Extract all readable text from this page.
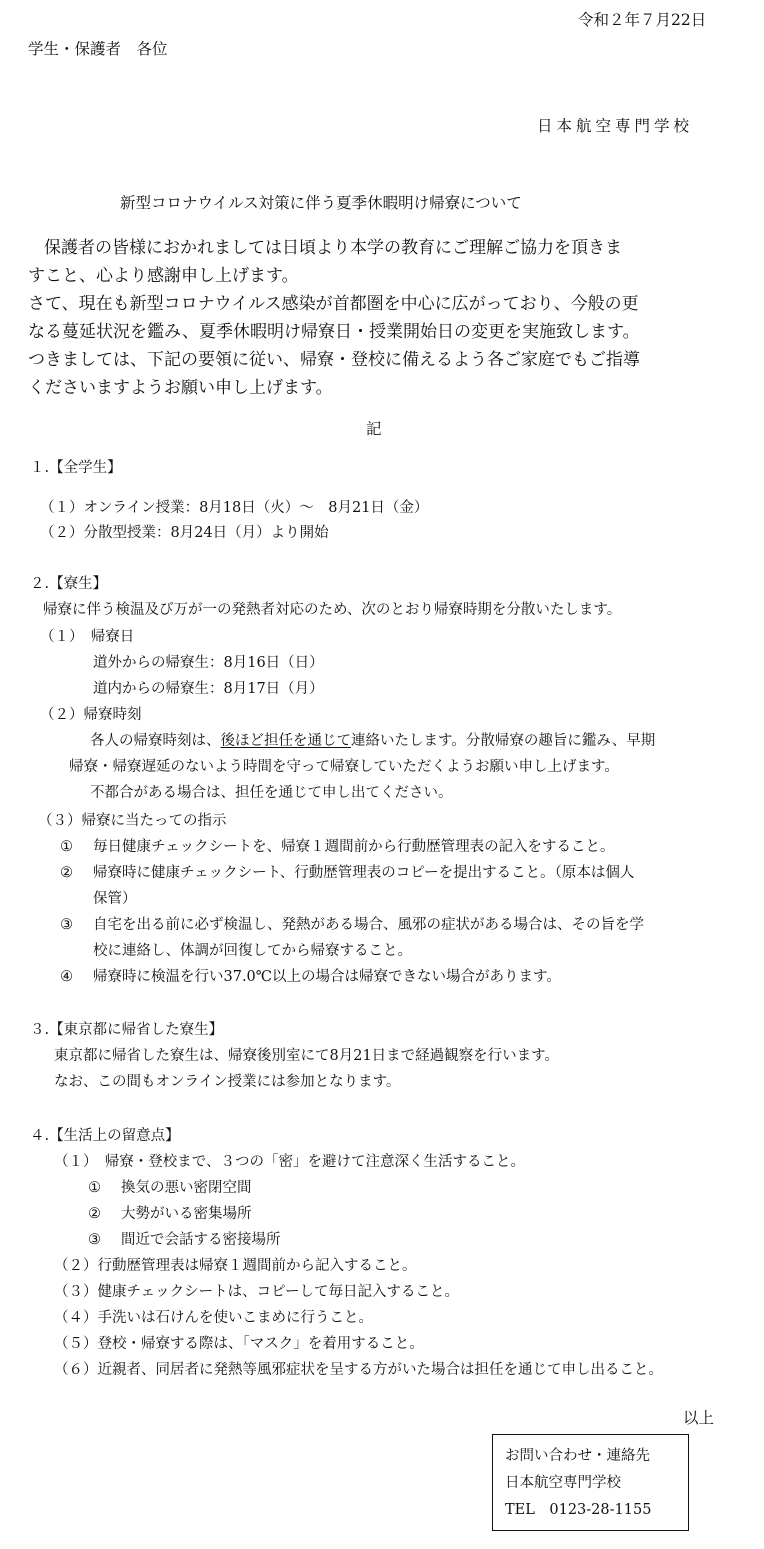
令和２年７月22日
学生・保護者　各位
日本航空専門学校
新型コロナウイルス対策に伴う夏季休暇明け帰寮について
保護者の皆様におかれましては日頃より本学の教育にご理解ご協力を頂きま
すこと、心より感謝申し上げます。
さて、現在も新型コロナウイルス感染が首都圏を中心に広がっており、今般の更
なる蔓延状況を鑑み、夏季休暇明け帰寮日・授業開始日の変更を実施致します。
つきましては、下記の要領に従い、帰寮・登校に備えるよう各ご家庭でもご指導
くださいますようお願い申し上げます。
記
１.【全学生】
（１）オンライン授業：8月18日（火）～　8月21日（金）
（２）分散型授業：8月24日（月）より開始
２.【寮生】
帰寮に伴う検温及び万が一の発熱者対応のため、次のとおり帰寮時期を分散いたします。
（１）　帰寮日
道外からの帰寮生：8月16日（日）
道内からの帰寮生：8月17日（月）
（２）帰寮時刻
各人の帰寮時刻は、後ほど担任を通じて連絡いたします。分散帰寮の趣旨に鑑み、早期
帰寮・帰寮遅延のないよう時間を守って帰寮していただくようお願い申し上げます。
不都合がある場合は、担任を通じて申し出てください。
（３）帰寮に当たっての指示
① 毎日健康チェックシートを、帰寮１週間前から行動歴管理表の記入をすること。
② 帰寮時に健康チェックシート、行動歴管理表のコピーを提出すること。（原本は個人
保管）
③ 自宅を出る前に必ず検温し、発熱がある場合、風邪の症状がある場合は、その旨を学
校に連絡し、体調が回復してから帰寮すること。
④ 帰寮時に検温を行い37.0℃以上の場合は帰寮できない場合があります。
３.【東京都に帰省した寮生】
東京都に帰省した寮生は、帰寮後別室にて8月21日まで経過観察を行います。
なお、この間もオンライン授業には参加となります。
４.【生活上の留意点】
（１）　帰寮・登校まで、３つの「密」を避けて注意深く生活すること。
① 換気の悪い密閉空間
② 大勢がいる密集場所
③ 間近で会話する密接場所
（２）行動歴管理表は帰寮１週間前から記入すること。
（３）健康チェックシートは、コピーして毎日記入すること。
（４）手洗いは石けんを使いこまめに行うこと。
（５）登校・帰寮する際は、「マスク」を着用すること。
（６）近親者、同居者に発熱等風邪症状を呈する方がいた場合は担任を通じて申し出ること。
以上
お問い合わせ・連絡先
日本航空専門学校
TEL　0123-28-1155
